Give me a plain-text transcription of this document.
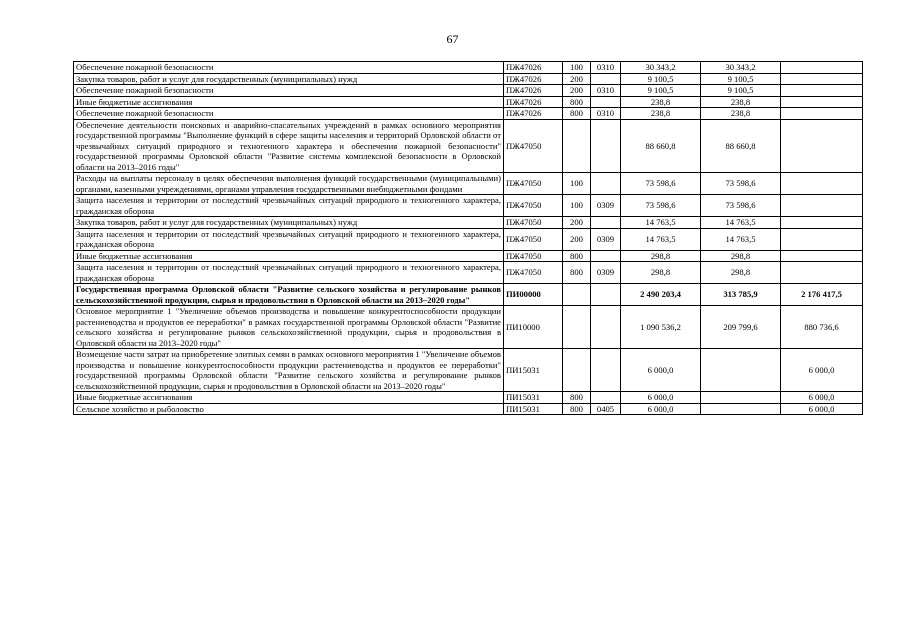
67
Обеспечение пожарной безопасности	ПЖ47026	100	0310	30 343,2	30 343,2	
Закупка товаров, работ и услуг для государственных (муниципальных) нужд	ПЖ47026	200		9 100,5	9 100,5	
Обеспечение пожарной безопасности	ПЖ47026	200	0310	9 100,5	9 100,5	
Иные бюджетные ассигнования	ПЖ47026	800		238,8	238,8	
Обеспечение пожарной безопасности	ПЖ47026	800	0310	238,8	238,8	
Обеспечение деятельности поисковых и аварийно-спасательных учреждений в рамках основного мероприятия государственной программы "Выполнение функций в сфере защиты населения и территорий Орловской области от чрезвычайных ситуаций природного и техногенного характера и обеспечения пожарной безопасности" государственной программы Орловской области "Развитие системы комплексной безопасности в Орловской области на 2013–2016 годы"	ПЖ47050			88 660,8	88 660,8	
Расходы на выплаты персоналу в целях обеспечения выполнения функций государственными (муниципальными) органами, казенными учреждениями, органами управления государственными внебюджетными фондами	ПЖ47050	100		73 598,6	73 598,6	
Защита населения и территории от последствий чрезвычайных ситуаций природного и техногенного характера, гражданская оборона	ПЖ47050	100	0309	73 598,6	73 598,6	
Закупка товаров, работ и услуг для государственных (муниципальных) нужд	ПЖ47050	200		14 763,5	14 763,5	
Защита населения и территории от последствий чрезвычайных ситуаций природного и техногенного характера, гражданская оборона	ПЖ47050	200	0309	14 763,5	14 763,5	
Иные бюджетные ассигнования	ПЖ47050	800		298,8	298,8	
Защита населения и территории от последствий чрезвычайных ситуаций природного и техногенного характера, гражданская оборона	ПЖ47050	800	0309	298,8	298,8	
Государственная программа Орловской области "Развитие сельского хозяйства и регулирование рынков сельскохозяйственной продукции, сырья и продовольствия в Орловской области на 2013–2020 годы"	ПИ00000			2 490 203,4	313 785,9	2 176 417,5
Основное мероприятие 1 "Увеличение объемов производства и повышение конкурентоспособности продукции растениеводства и продуктов ее переработки" в рамках государственной программы Орловской области "Развитие сельского хозяйства и регулирование рынков сельскохозяйственной продукции, сырья и продовольствия в Орловской области на 2013–2020 годы"	ПИ10000			1 090 536,2	209 799,6	880 736,6
Возмещение части затрат на приобретение элитных семян в рамках основного мероприятия 1 "Увеличение объемов производства и повышение конкурентоспособности продукции растениеводства и продуктов ее переработки" государственной программы Орловской области "Развитие сельского хозяйства и регулирование рынков сельскохозяйственной продукции, сырья и продовольствия в Орловской области на 2013–2020 годы"	ПИ15031			6 000,0		6 000,0
Иные бюджетные ассигнования	ПИ15031	800		6 000,0		6 000,0
Сельское хозяйство и рыболовство	ПИ15031	800	0405	6 000,0		6 000,0
